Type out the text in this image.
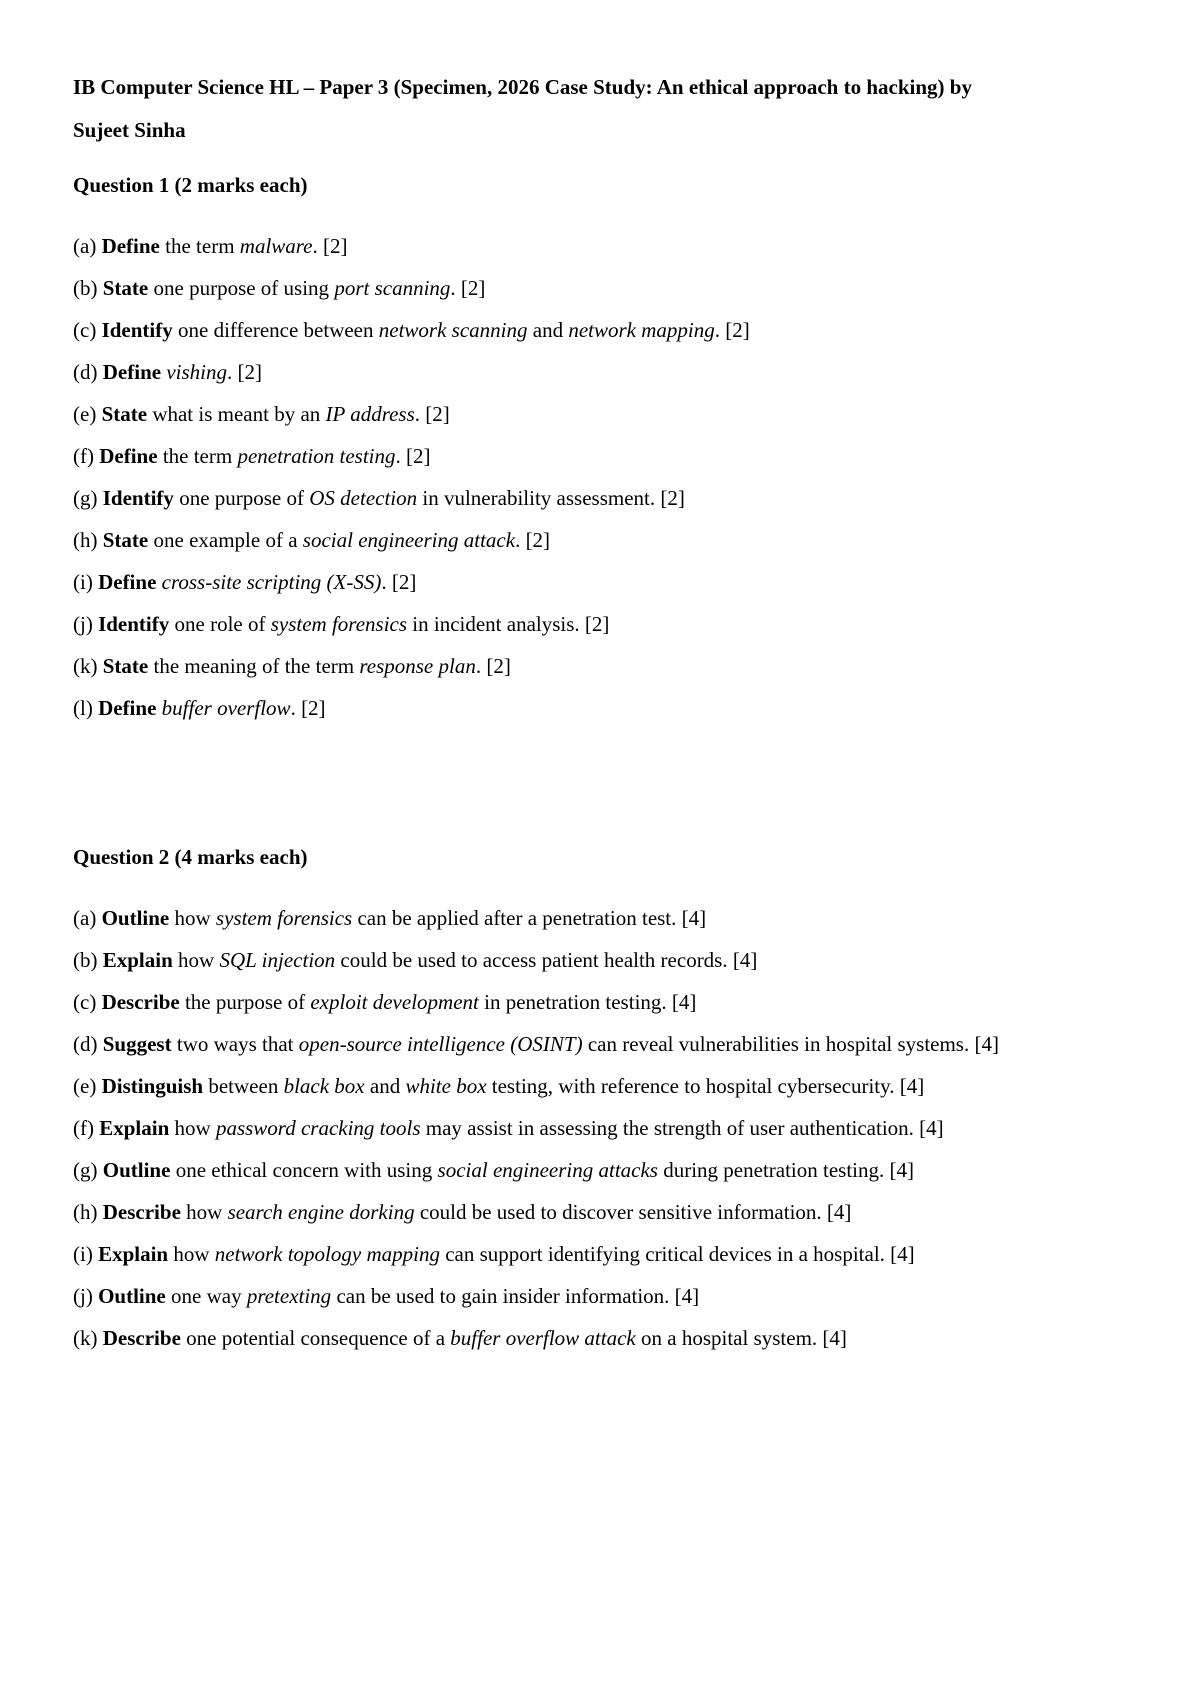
IB Computer Science HL – Paper 3 (Specimen, 2026 Case Study: An ethical approach to hacking) by
Sujeet Sinha

Question 1 (2 marks each)

(a) Define the term malware. [2]
(b) State one purpose of using port scanning. [2]
(c) Identify one difference between network scanning and network mapping. [2]
(d) Define vishing. [2]
(e) State what is meant by an IP address. [2]
(f) Define the term penetration testing. [2]
(g) Identify one purpose of OS detection in vulnerability assessment. [2]
(h) State one example of a social engineering attack. [2]
(i) Define cross-site scripting (X-SS). [2]
(j) Identify one role of system forensics in incident analysis. [2]
(k) State the meaning of the term response plan. [2]
(l) Define buffer overflow. [2]

Question 2 (4 marks each)

(a) Outline how system forensics can be applied after a penetration test. [4]
(b) Explain how SQL injection could be used to access patient health records. [4]
(c) Describe the purpose of exploit development in penetration testing. [4]
(d) Suggest two ways that open-source intelligence (OSINT) can reveal vulnerabilities in hospital systems. [4]
(e) Distinguish between black box and white box testing, with reference to hospital cybersecurity. [4]
(f) Explain how password cracking tools may assist in assessing the strength of user authentication. [4]
(g) Outline one ethical concern with using social engineering attacks during penetration testing. [4]
(h) Describe how search engine dorking could be used to discover sensitive information. [4]
(i) Explain how network topology mapping can support identifying critical devices in a hospital. [4]
(j) Outline one way pretexting can be used to gain insider information. [4]
(k) Describe one potential consequence of a buffer overflow attack on a hospital system. [4]
